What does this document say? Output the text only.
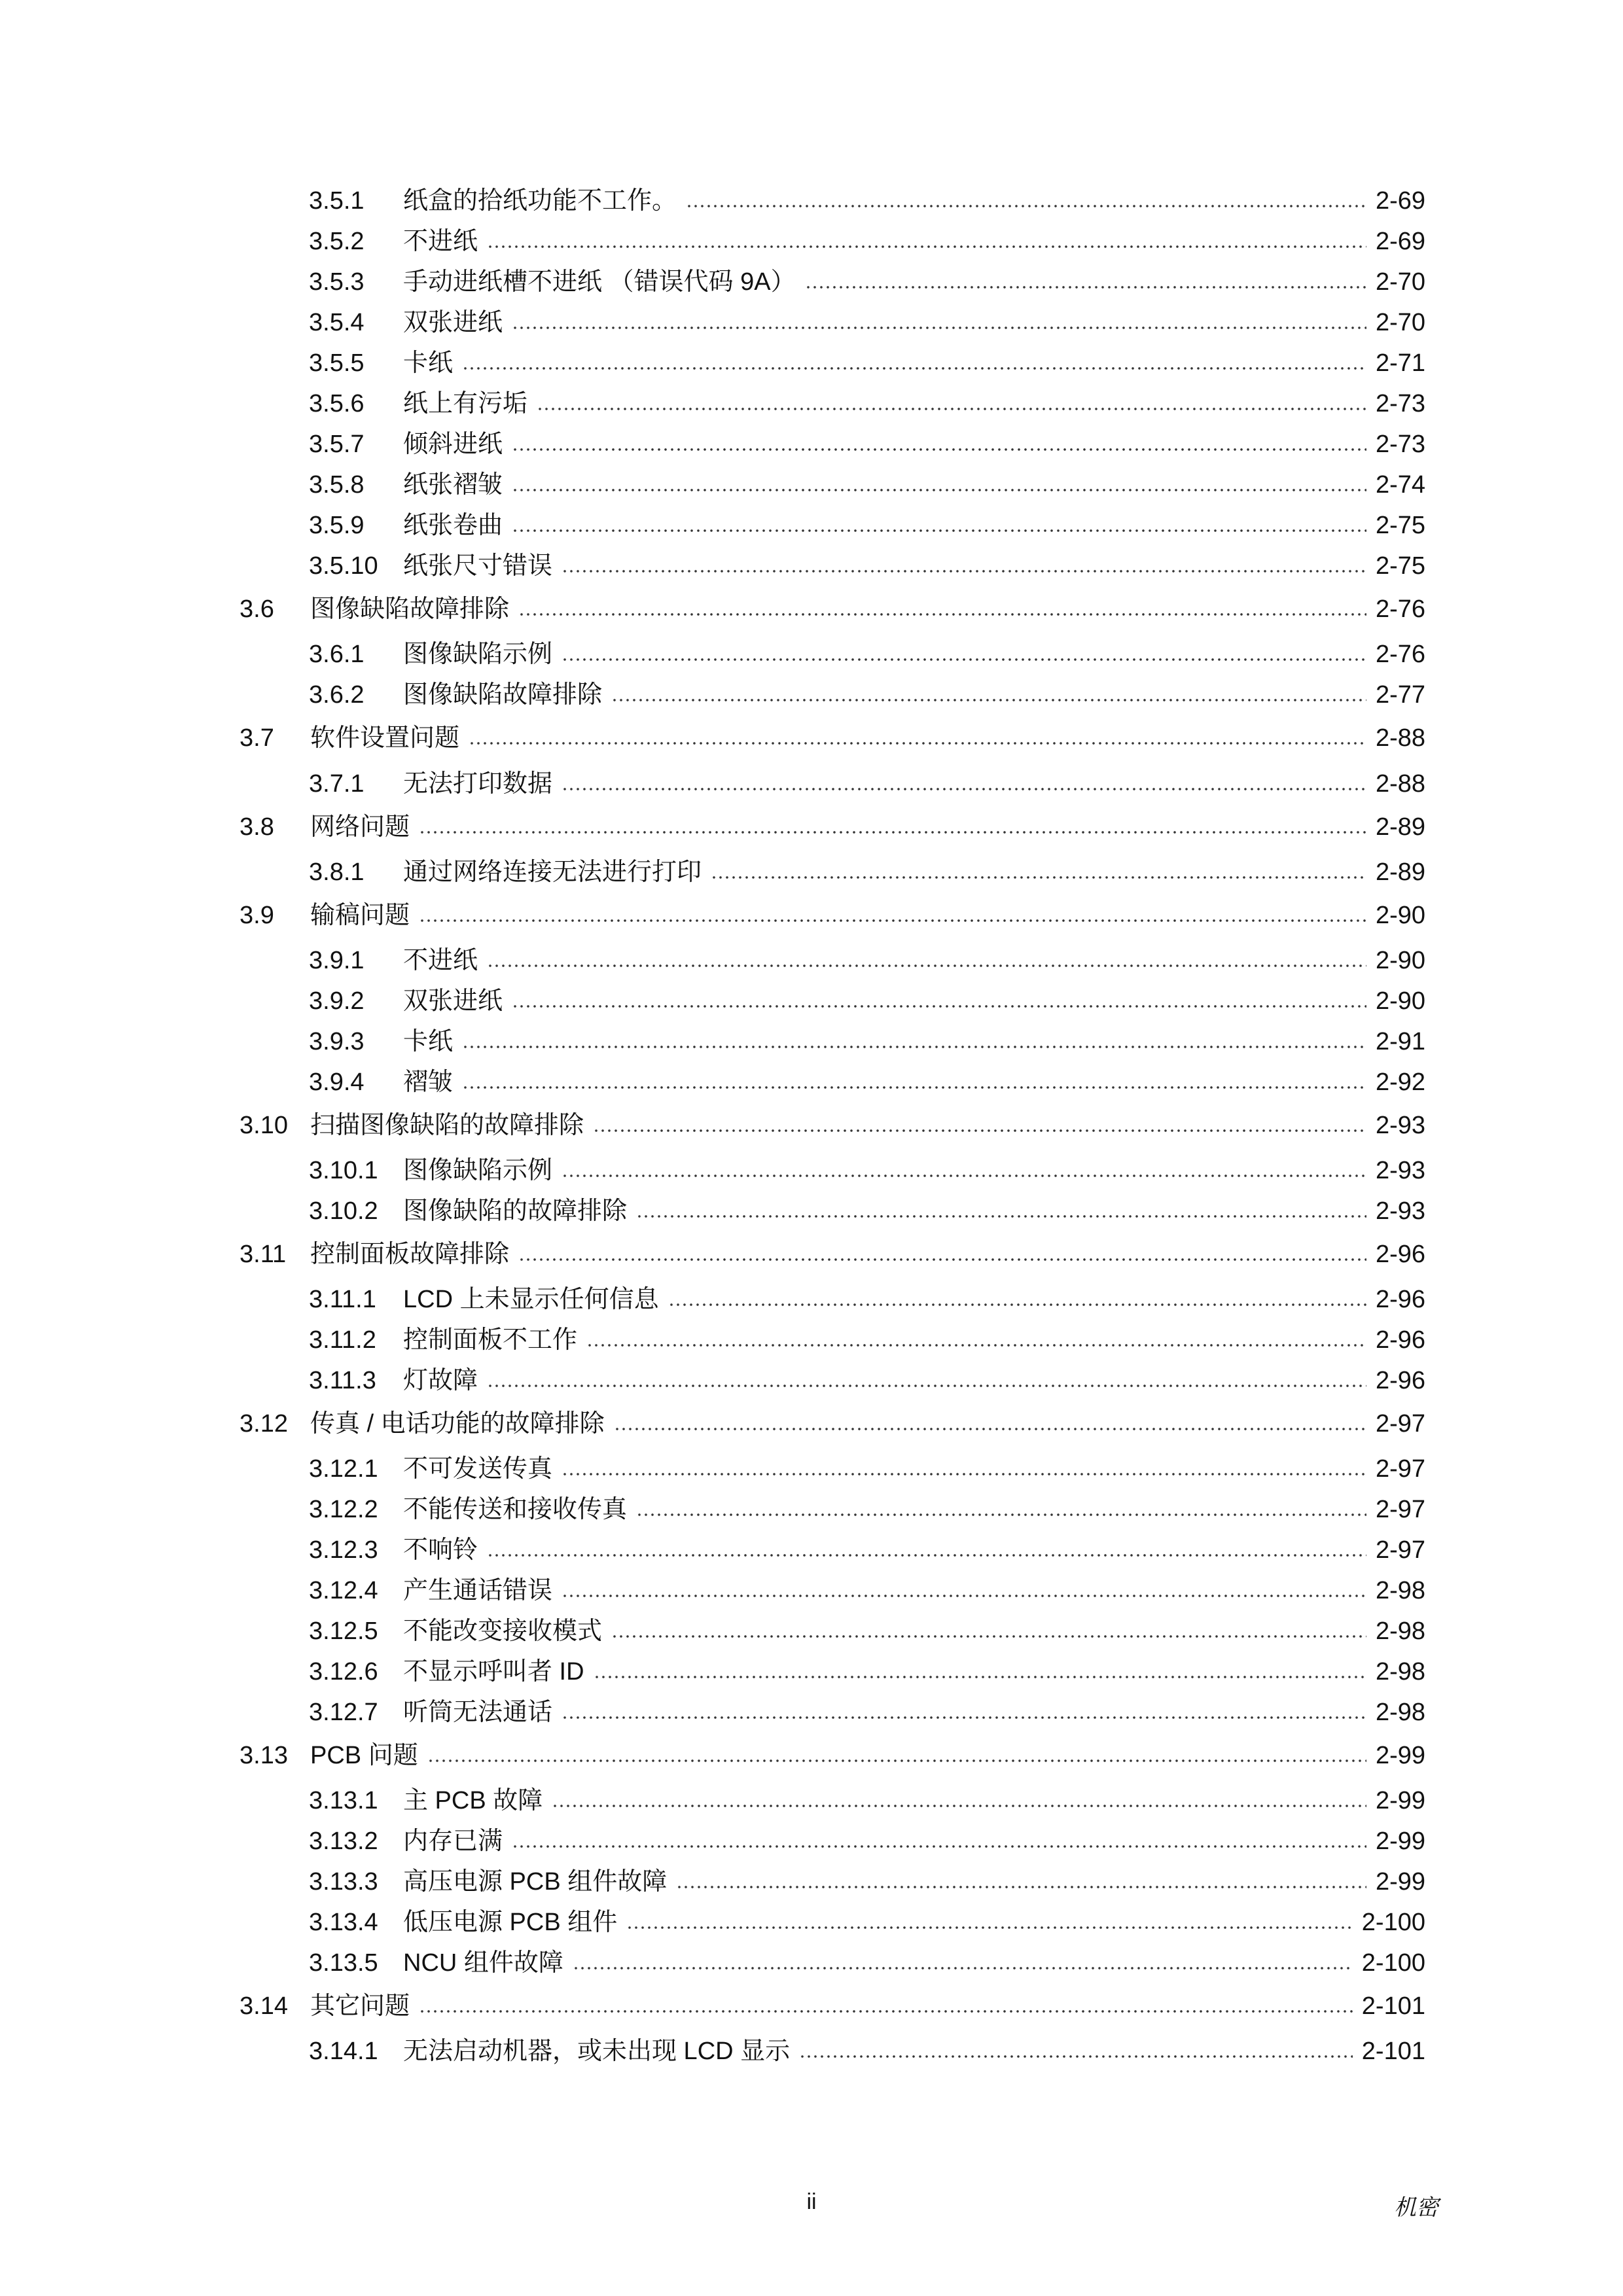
3.5.1	纸盒的拾纸功能不工作。	2-69
3.5.2	不进纸	2-69
3.5.3	手动进纸槽不进纸 （错误代码 9A）	2-70
3.5.4	双张进纸	2-70
3.5.5	卡纸	2-71
3.5.6	纸上有污垢	2-73
3.5.7	倾斜进纸	2-73
3.5.8	纸张褶皱	2-74
3.5.9	纸张卷曲	2-75
3.5.10	纸张尺寸错误	2-75
3.6	图像缺陷故障排除	2-76
3.6.1	图像缺陷示例	2-76
3.6.2	图像缺陷故障排除	2-77
3.7	软件设置问题	2-88
3.7.1	无法打印数据	2-88
3.8	网络问题	2-89
3.8.1	通过网络连接无法进行打印	2-89
3.9	输稿问题	2-90
3.9.1	不进纸	2-90
3.9.2	双张进纸	2-90
3.9.3	卡纸	2-91
3.9.4	褶皱	2-92
3.10 扫描图像缺陷的故障排除	2-93
3.10.1	图像缺陷示例	2-93
3.10.2	图像缺陷的故障排除	2-93
3.11 控制面板故障排除	2-96
3.11.1	LCD 上未显示任何信息	2-96
3.11.2	控制面板不工作	2-96
3.11.3	灯故障	2-96
3.12 传真 / 电话功能的故障排除	2-97
3.12.1	不可发送传真	2-97
3.12.2	不能传送和接收传真	2-97
3.12.3	不响铃	2-97
3.12.4	产生通话错误	2-98
3.12.5	不能改变接收模式	2-98
3.12.6	不显示呼叫者 ID	2-98
3.12.7	听筒无法通话	2-98
3.13 PCB 问题	2-99
3.13.1	主 PCB 故障	2-99
3.13.2	内存已满	2-99
3.13.3	高压电源 PCB 组件故障	2-99
3.13.4	低压电源 PCB 组件	2-100
3.13.5	NCU 组件故障	2-100
3.14 其它问题	2-101
3.14.1	无法启动机器，或未出现 LCD 显示	2-101
ii	机密
